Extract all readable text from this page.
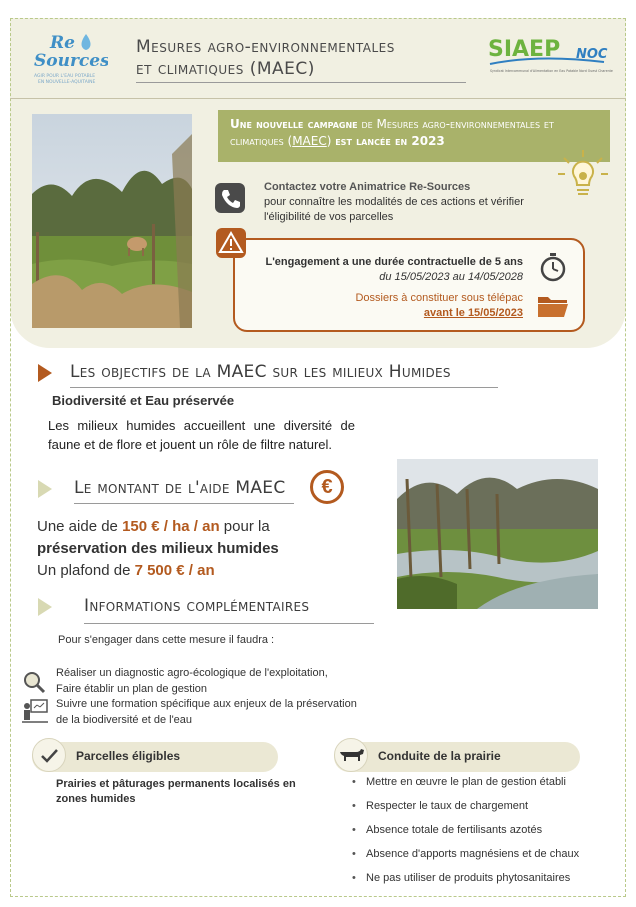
Re
Sources
AGIR POUR L'EAU POTABLE
EN NOUVELLE-AQUITAINE
Mesures agro-environnementales
et climatiques (MAEC)
SIAEP NOC
Syndicat Intercommunal d'Alimentation en Eau Potable Nord Ouest Charente
Une nouvelle campagne de Mesures agro-environnementales et climatiques (MAEC) est lancée en 2023
Contactez votre Animatrice Re-Sources
pour connaître les modalités de ces actions et vérifier
l'éligibilité de vos parcelles
L'engagement a une durée contractuelle de 5 ans
du 15/05/2023 au 14/05/2028
Dossiers à constituer sous télépac
avant le 15/05/2023
Les objectifs de la MAEC sur les milieux Humides
Biodiversité et Eau préservée
Les milieux humides accueillent une diversité de faune et de flore et jouent un rôle de filtre naturel.
Le montant de l'aide MAEC	€
Une aide de 150 € / ha / an pour la
préservation des milieux humides
Un plafond de 7 500 € / an
Informations complémentaires
Pour s'engager dans cette mesure il faudra :
Réaliser un diagnostic agro-écologique de l'exploitation,
Faire établir un plan de gestion
Suivre une formation spécifique aux enjeux de la préservation
de la biodiversité et de l'eau
Parcelles éligibles
Prairies et pâturages permanents localisés en
zones humides
Conduite de la prairie
• Mettre en œuvre le plan de gestion établi
• Respecter le taux de chargement
• Absence totale de fertilisants azotés
• Absence d'apports magnésiens et de chaux
• Ne pas utiliser de produits phytosanitaires
